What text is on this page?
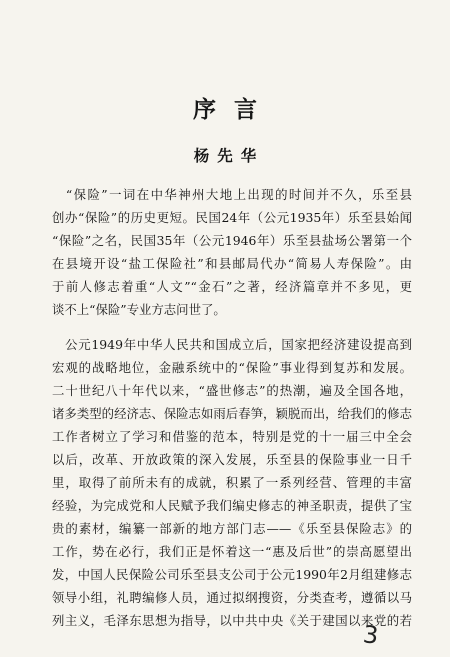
序言
杨先华
　“保险”一词在中华神州大地上出现的时间并不久，乐至县
创办“保险”的历史更短。民国24年（公元1935年）乐至县始闻
“保险”之名，民国35年（公元1946年）乐至县盐场公署第一个
在县境开设“盐工保险社”和县邮局代办“简易人寿保险”。由
于前人修志着重“人文”“金石”之著，经济篇章并不多见，更
谈不上“保险”专业方志问世了。
　公元1949年中华人民共和国成立后，国家把经济建设提高到
宏观的战略地位，金融系统中的“保险”事业得到复苏和发展。
二十世纪八十年代以来，“盛世修志”的热潮，遍及全国各地，
诸多类型的经济志、保险志如雨后春笋，颖脱而出，给我们的修志
工作者树立了学习和借鉴的范本，特别是党的十一届三中全会
以后，改革、开放政策的深入发展，乐至县的保险事业一日千
里，取得了前所未有的成就，积累了一系列经营、管理的丰富
经验，为完成党和人民赋予我们编史修志的神圣职责，提供了宝
贵的素材，编纂一部新的地方部门志——《乐至县保险志》的
工作，势在必行，我们正是怀着这一“惠及后世”的崇高愿望出
发，中国人民保险公司乐至县支公司于公元1990年2月组建修志
领导小组，礼聘编修人员，通过拟纲搜资，分类查考，遵循以马
列主义，毛泽东思想为指导，以中共中央《关于建国以来党的若
3
